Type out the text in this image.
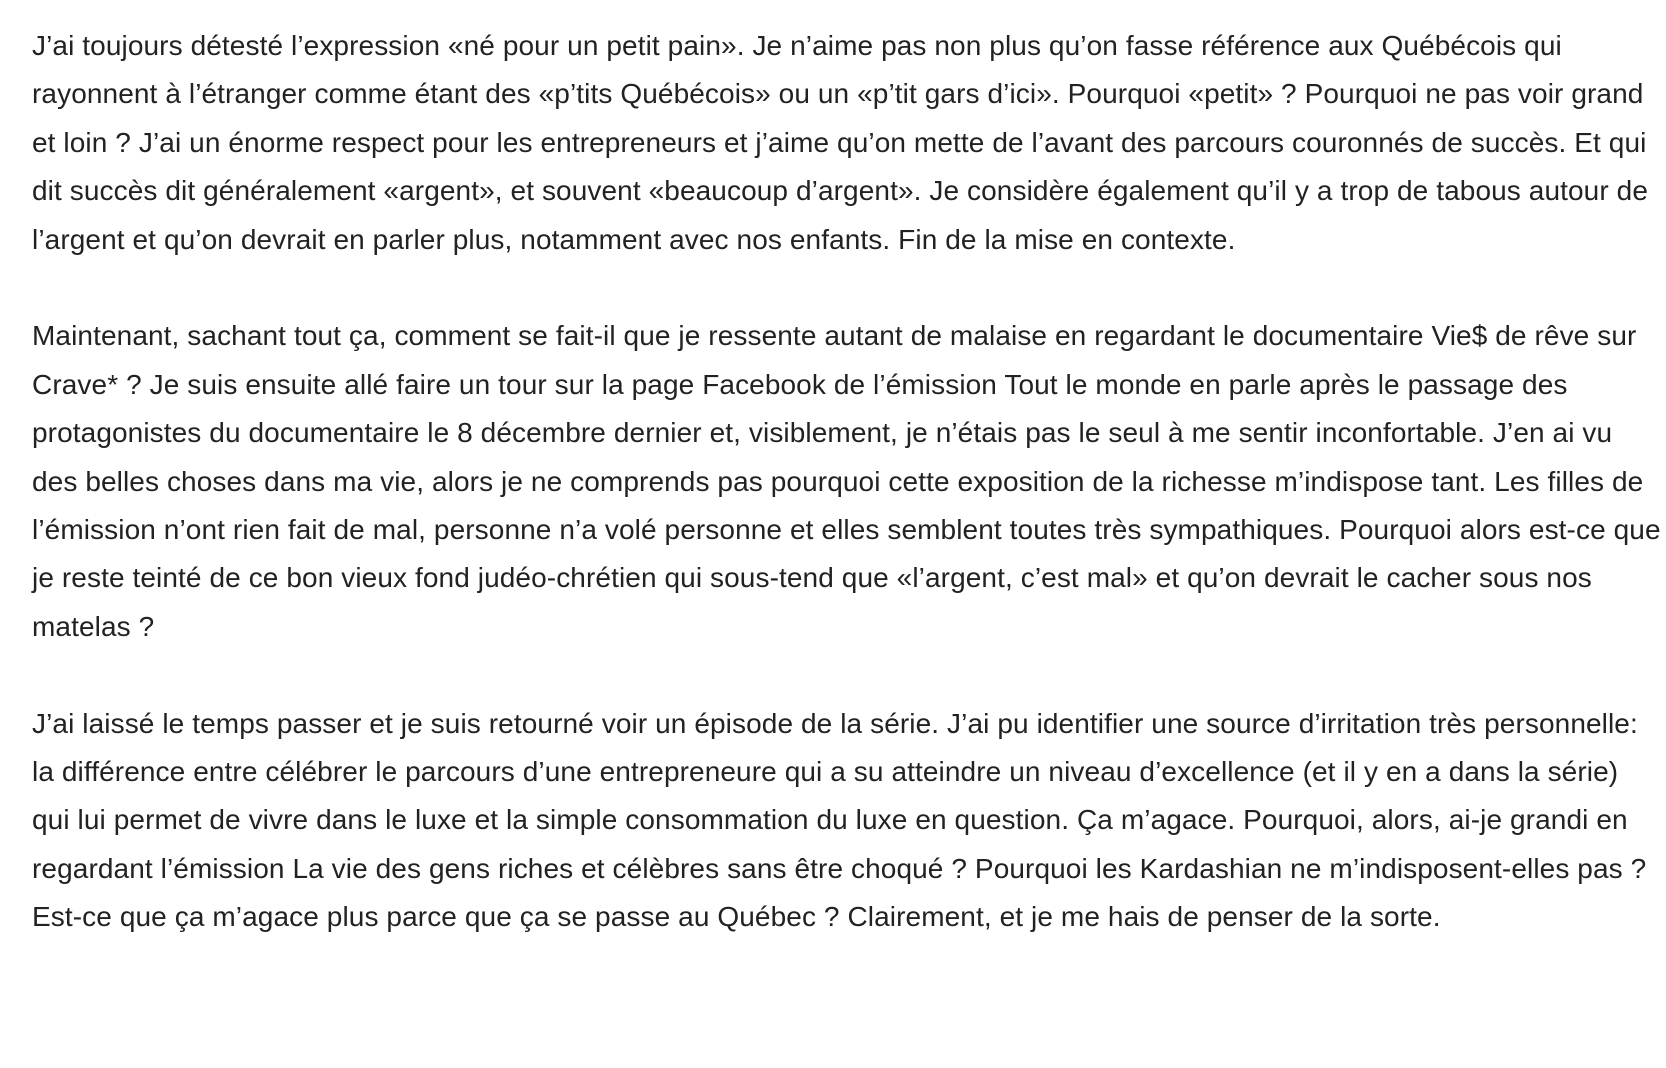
J’ai toujours détesté l’expression «né pour un petit pain». Je n’aime pas non plus qu’on fasse référence aux Québécois qui rayonnent à l’étranger comme étant des «p’tits Québécois» ou un «p’tit gars d’ici». Pourquoi «petit» ? Pourquoi ne pas voir grand et loin ? J’ai un énorme respect pour les entrepreneurs et j’aime qu’on mette de l’avant des parcours couronnés de succès. Et qui dit succès dit généralement «argent», et souvent «beaucoup d’argent». Je considère également qu’il y a trop de tabous autour de l’argent et qu’on devrait en parler plus, notamment avec nos enfants. Fin de la mise en contexte.

Maintenant, sachant tout ça, comment se fait-il que je ressente autant de malaise en regardant le documentaire Vie$ de rêve sur Crave* ? Je suis ensuite allé faire un tour sur la page Facebook de l’émission Tout le monde en parle après le passage des protagonistes du documentaire le 8 décembre dernier et, visiblement, je n’étais pas le seul à me sentir inconfortable. J’en ai vu des belles choses dans ma vie, alors je ne comprends pas pourquoi cette exposition de la richesse m’indispose tant. Les filles de l’émission n’ont rien fait de mal, personne n’a volé personne et elles semblent toutes très sympathiques. Pourquoi alors est-ce que je reste teinté de ce bon vieux fond judéo-chrétien qui sous-tend que «l’argent, c’est mal» et qu’on devrait le cacher sous nos matelas ?

J’ai laissé le temps passer et je suis retourné voir un épisode de la série. J’ai pu identifier une source d’irritation très personnelle: la différence entre célébrer le parcours d’une entrepreneure qui a su atteindre un niveau d’excellence (et il y en a dans la série) qui lui permet de vivre dans le luxe et la simple consommation du luxe en question. Ça m’agace. Pourquoi, alors, ai-je grandi en regardant l’émission La vie des gens riches et célèbres sans être choqué ? Pourquoi les Kardashian ne m’indisposent-elles pas ? Est-ce que ça m’agace plus parce que ça se passe au Québec ? Clairement, et je me hais de penser de la sorte.
